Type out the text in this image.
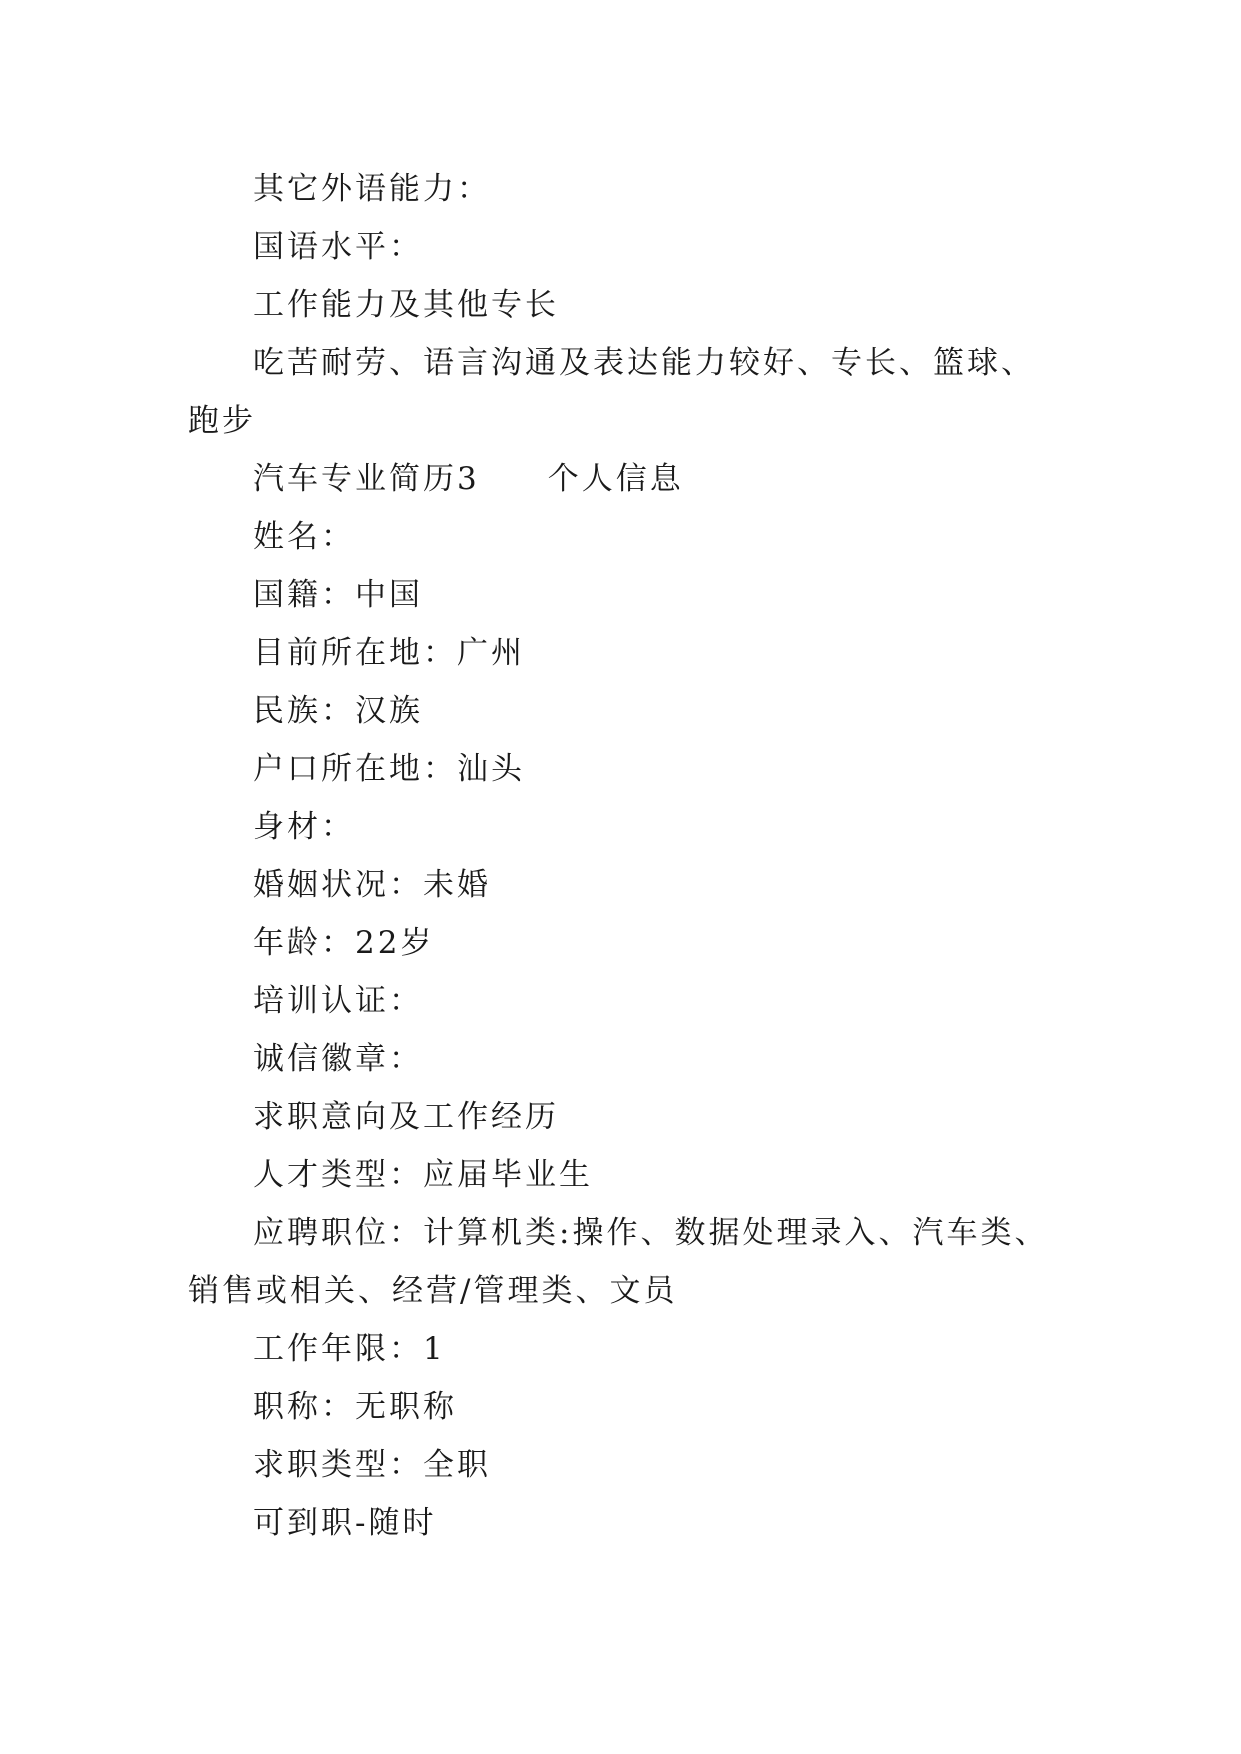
其它外语能力：

国语水平：

工作能力及其他专长

吃苦耐劳、语言沟通及表达能力较好、专长、篮球、跑步

汽车专业简历3　　个人信息

姓名：

国籍：中国

目前所在地：广州

民族：汉族

户口所在地：汕头

身材：

婚姻状况：未婚

年龄：22岁

培训认证：

诚信徽章：

求职意向及工作经历

人才类型：应届毕业生

应聘职位：计算机类:操作、数据处理录入、汽车类、销售或相关、经营/管理类、文员

工作年限：1

职称：无职称

求职类型：全职

可到职-随时
